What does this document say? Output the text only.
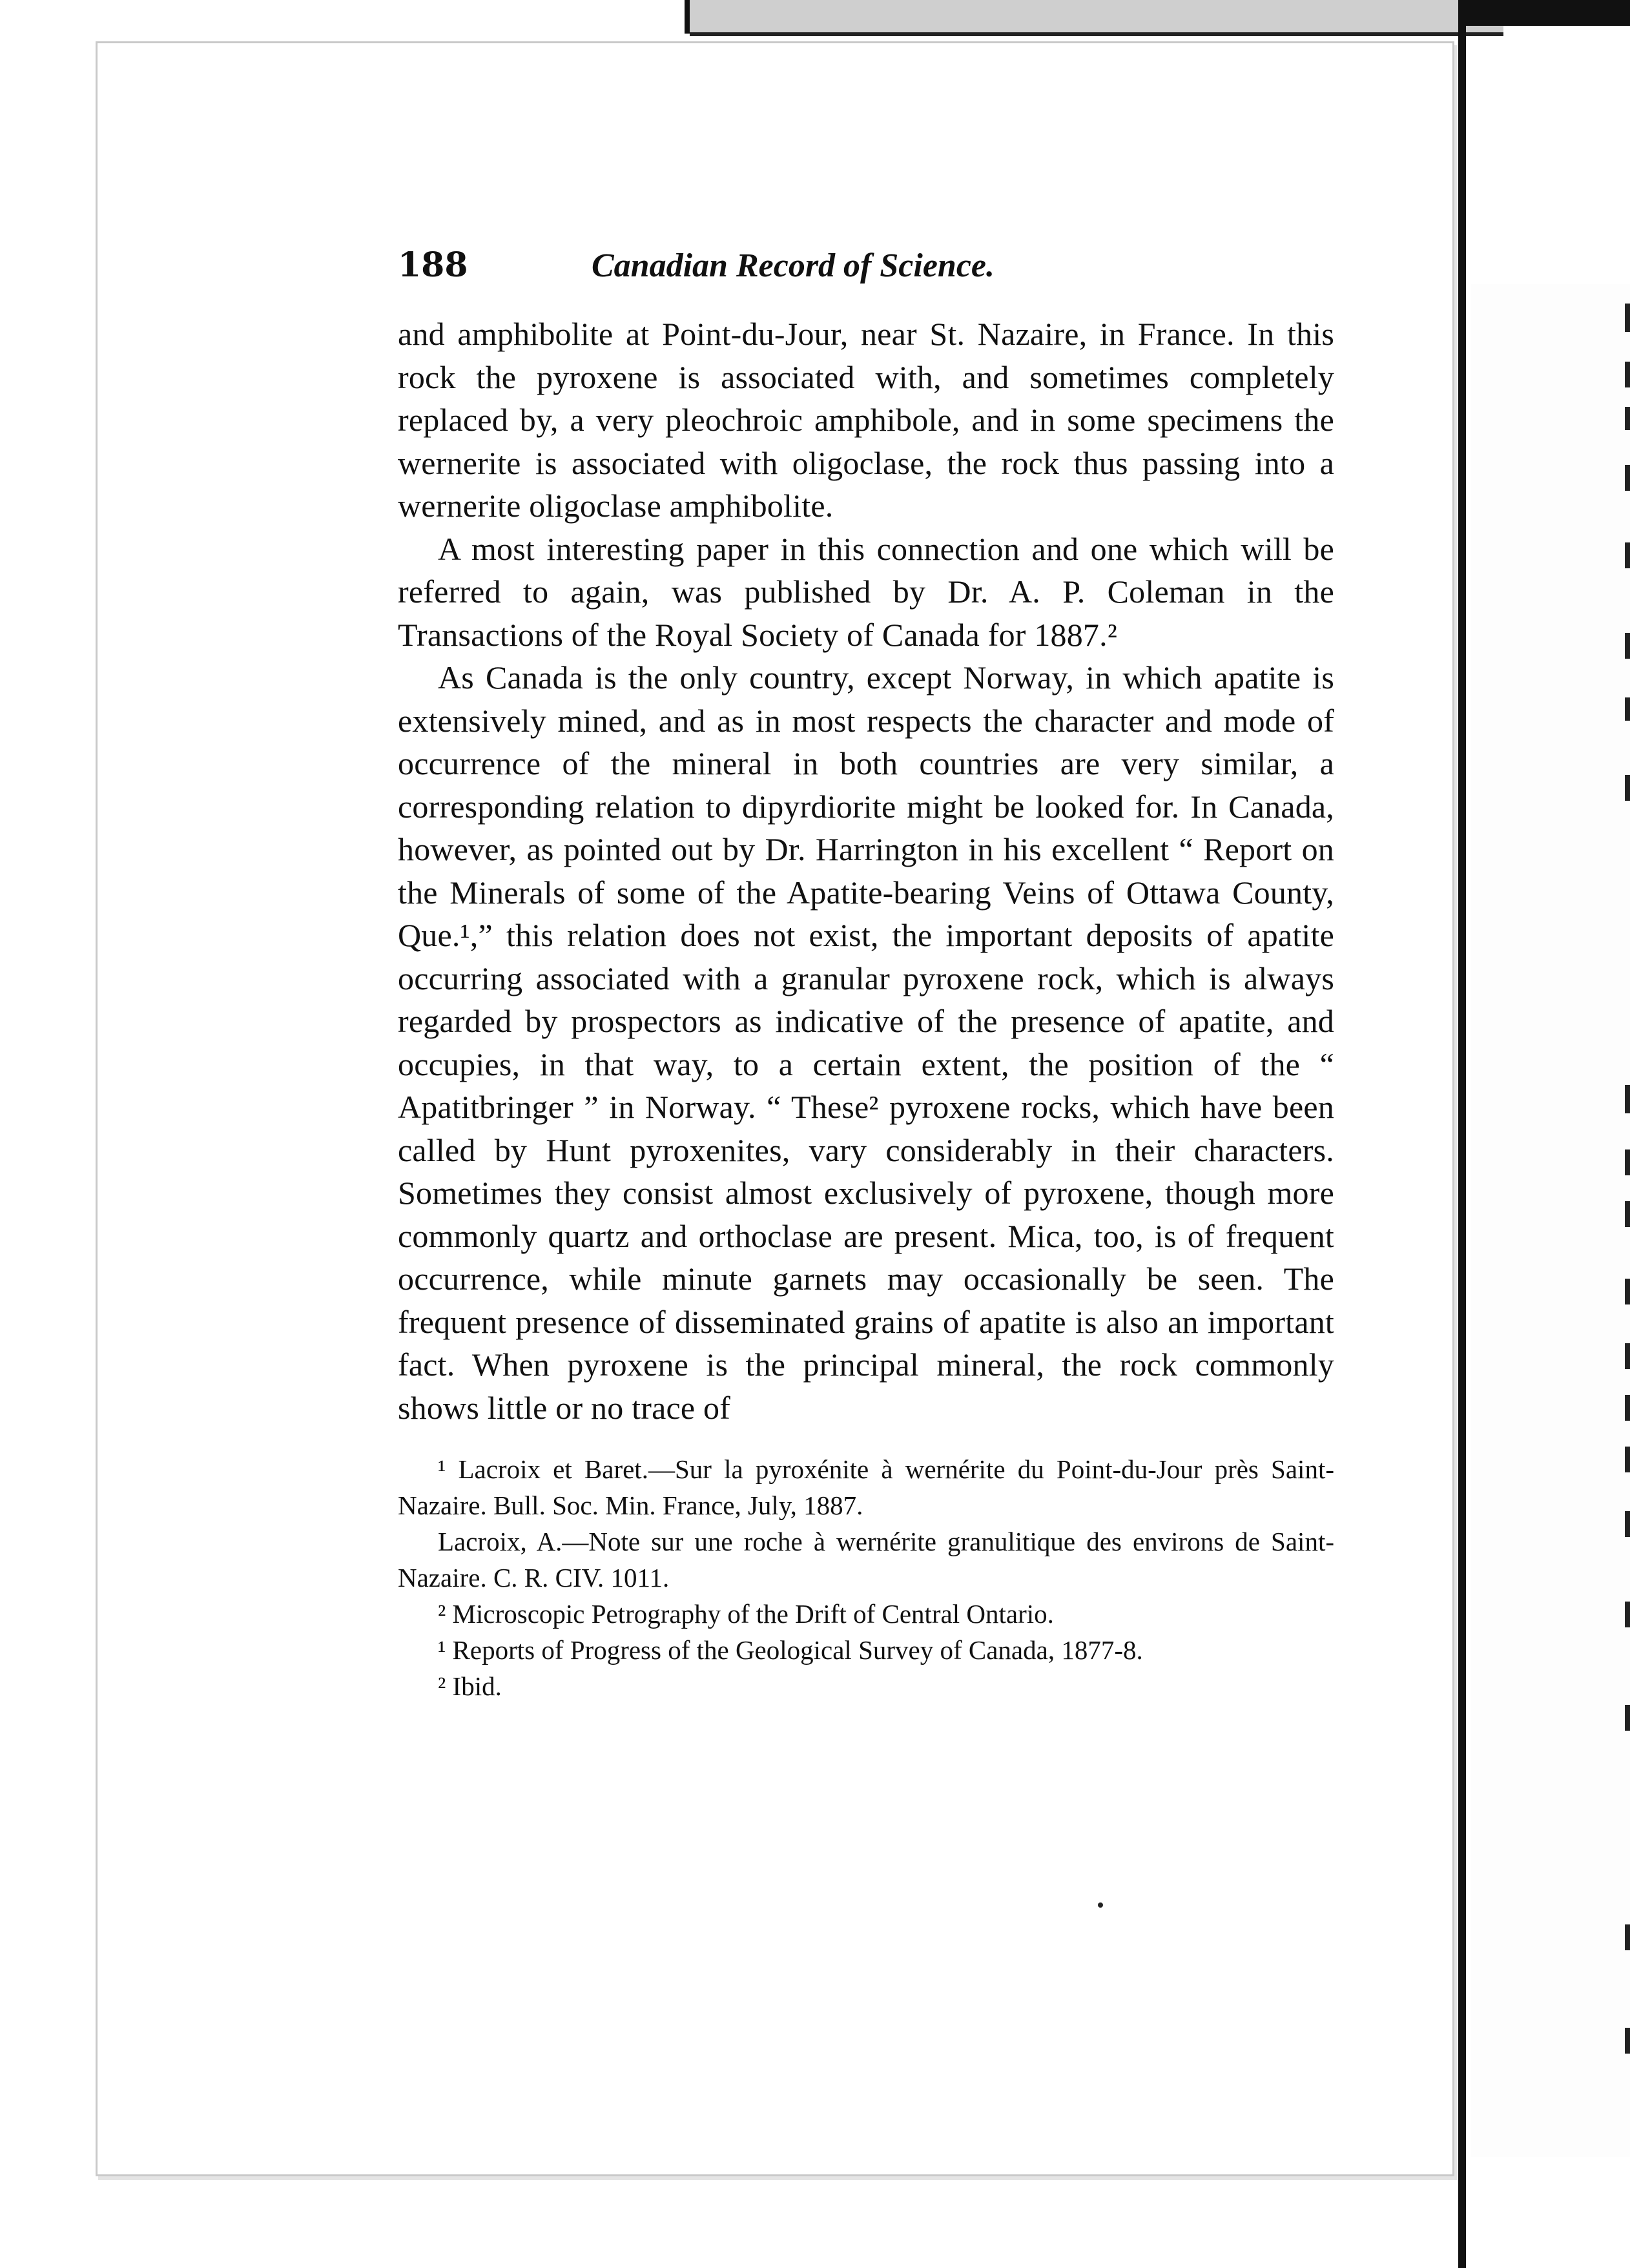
188	Canadian Record of Science.

and amphibolite at Point-du-Jour, near St. Nazaire, in France. In this rock the pyroxene is associated with, and sometimes completely replaced by, a very pleochroic amphibole, and in some specimens the wernerite is associated with oligoclase, the rock thus passing into a wernerite oligoclase amphibolite.

A most interesting paper in this connection and one which will be referred to again, was published by Dr. A. P. Coleman in the Transactions of the Royal Society of Canada for 1887.²

As Canada is the only country, except Norway, in which apatite is extensively mined, and as in most respects the character and mode of occurrence of the mineral in both countries are very similar, a corresponding relation to dipyrdiorite might be looked for. In Canada, however, as pointed out by Dr. Harrington in his excellent “ Report on the Minerals of some of the Apatite-bearing Veins of Ottawa County, Que.¹,” this relation does not exist, the important deposits of apatite occurring associated with a granular pyroxene rock, which is always regarded by prospectors as indicative of the presence of apatite, and occupies, in that way, to a certain extent, the position of the “ Apatitbringer ” in Norway. “ These² pyroxene rocks, which have been called by Hunt pyroxenites, vary considerably in their characters. Sometimes they consist almost exclusively of pyroxene, though more commonly quartz and orthoclase are present. Mica, too, is of frequent occurrence, while minute garnets may occasionally be seen. The frequent presence of disseminated grains of apatite is also an important fact. When pyroxene is the principal mineral, the rock commonly shows little or no trace of

¹ Lacroix et Baret.—Sur la pyroxénite à wernérite du Point-du-Jour près Saint-Nazaire. Bull. Soc. Min. France, July, 1887.

Lacroix, A.—Note sur une roche à wernérite granulitique des environs de Saint-Nazaire. C. R. CIV. 1011.

² Microscopic Petrography of the Drift of Central Ontario.

¹ Reports of Progress of the Geological Survey of Canada, 1877-8.

² Ibid.
